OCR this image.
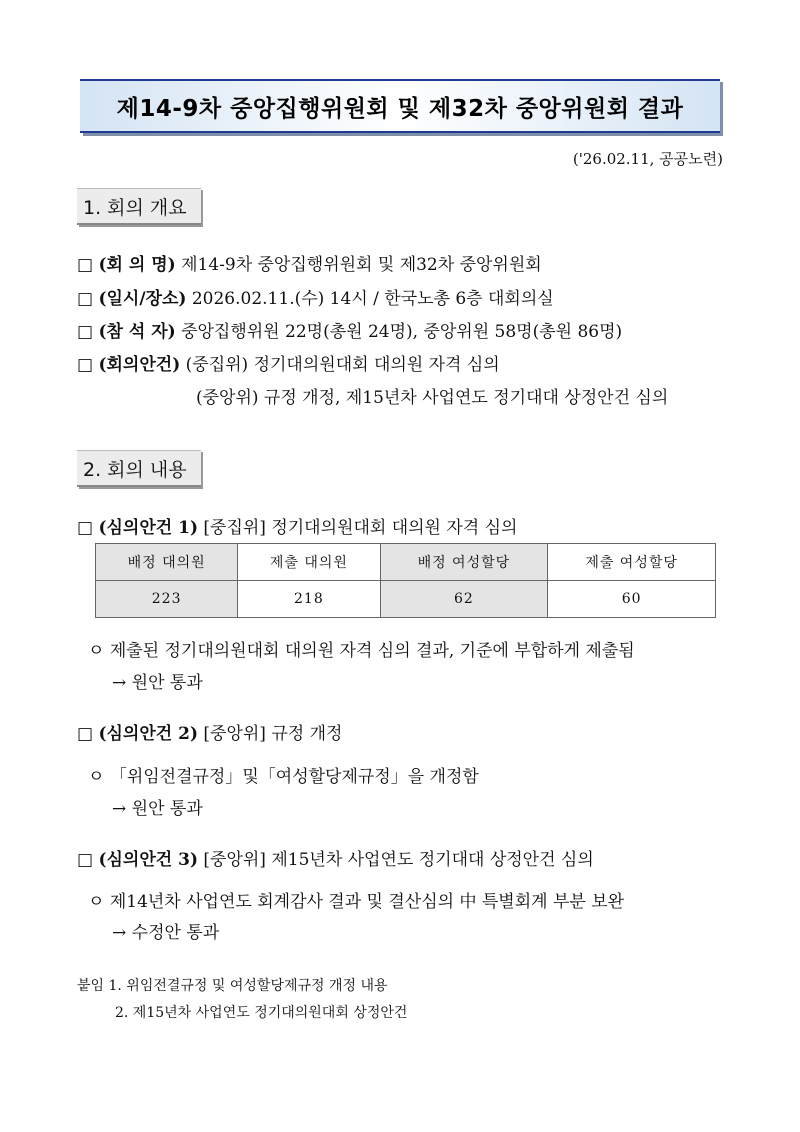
제14-9차 중앙집행위원회 및 제32차 중앙위원회 결과
('26.02.11, 공공노련)
1. 회의 개요
□ (회 의 명) 제14-9차 중앙집행위원회 및 제32차 중앙위원회
□ (일시/장소) 2026.02.11.(수) 14시 / 한국노총 6층 대회의실
□ (참 석 자) 중앙집행위원 22명(총원 24명), 중앙위원 58명(총원 86명)
□ (회의안건) (중집위) 정기대의원대회 대의원 자격 심의
(중앙위) 규정 개정, 제15년차 사업연도 정기대대 상정안건 심의
2. 회의 내용
□ (심의안건 1) [중집위] 정기대의원대회 대의원 자격 심의
배정 대의원	제출 대의원	배정 여성할당	제출 여성할당
223	218	62	60
ㅇ 제출된 정기대의원대회 대의원 자격 심의 결과, 기준에 부합하게 제출됨
→ 원안 통과
□ (심의안건 2) [중앙위] 규정 개정
ㅇ 「위임전결규정」및「여성할당제규정」을 개정함
→ 원안 통과
□ (심의안건 3) [중앙위] 제15년차 사업연도 정기대대 상정안건 심의
ㅇ 제14년차 사업연도 회계감사 결과 및 결산심의 中 특별회계 부분 보완
→ 수정안 통과
붙임 1. 위임전결규정 및 여성할당제규정 개정 내용
2. 제15년차 사업연도 정기대의원대회 상정안건
